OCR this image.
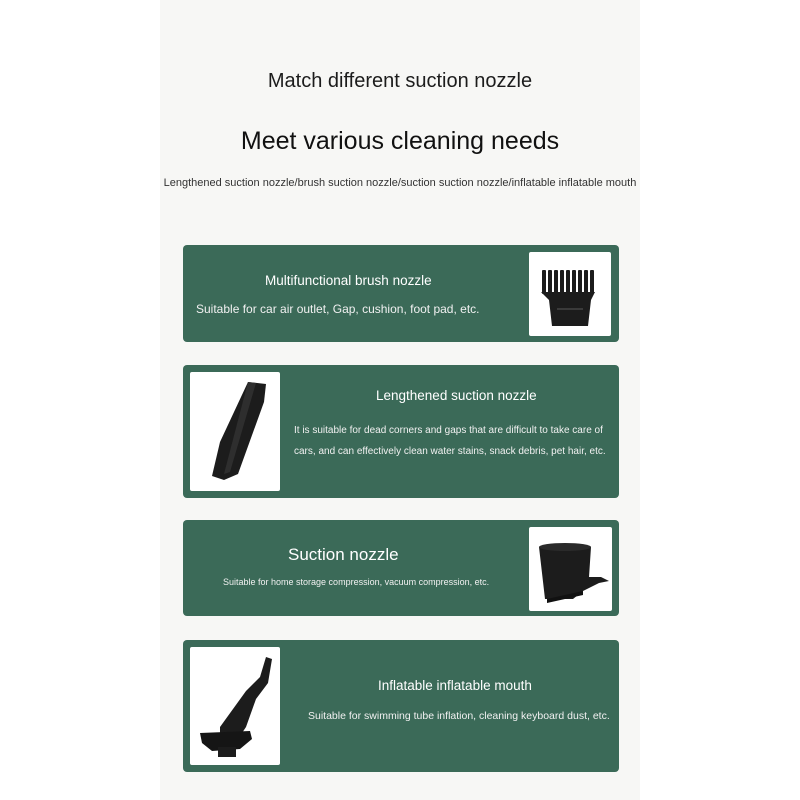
Match different suction nozzle
Meet various cleaning needs
Lengthened suction nozzle/brush suction nozzle/suction suction nozzle/inflatable inflatable mouth
Multifunctional brush nozzle
Suitable for car air outlet, Gap, cushion, foot pad, etc.
Lengthened suction nozzle
It is suitable for dead corners and gaps that are difficult to take care of
cars, and can effectively clean water stains, snack debris, pet hair, etc.
Suction nozzle
Suitable for home storage compression, vacuum compression, etc.
Inflatable inflatable mouth
Suitable for swimming tube inflation, cleaning keyboard dust, etc.
